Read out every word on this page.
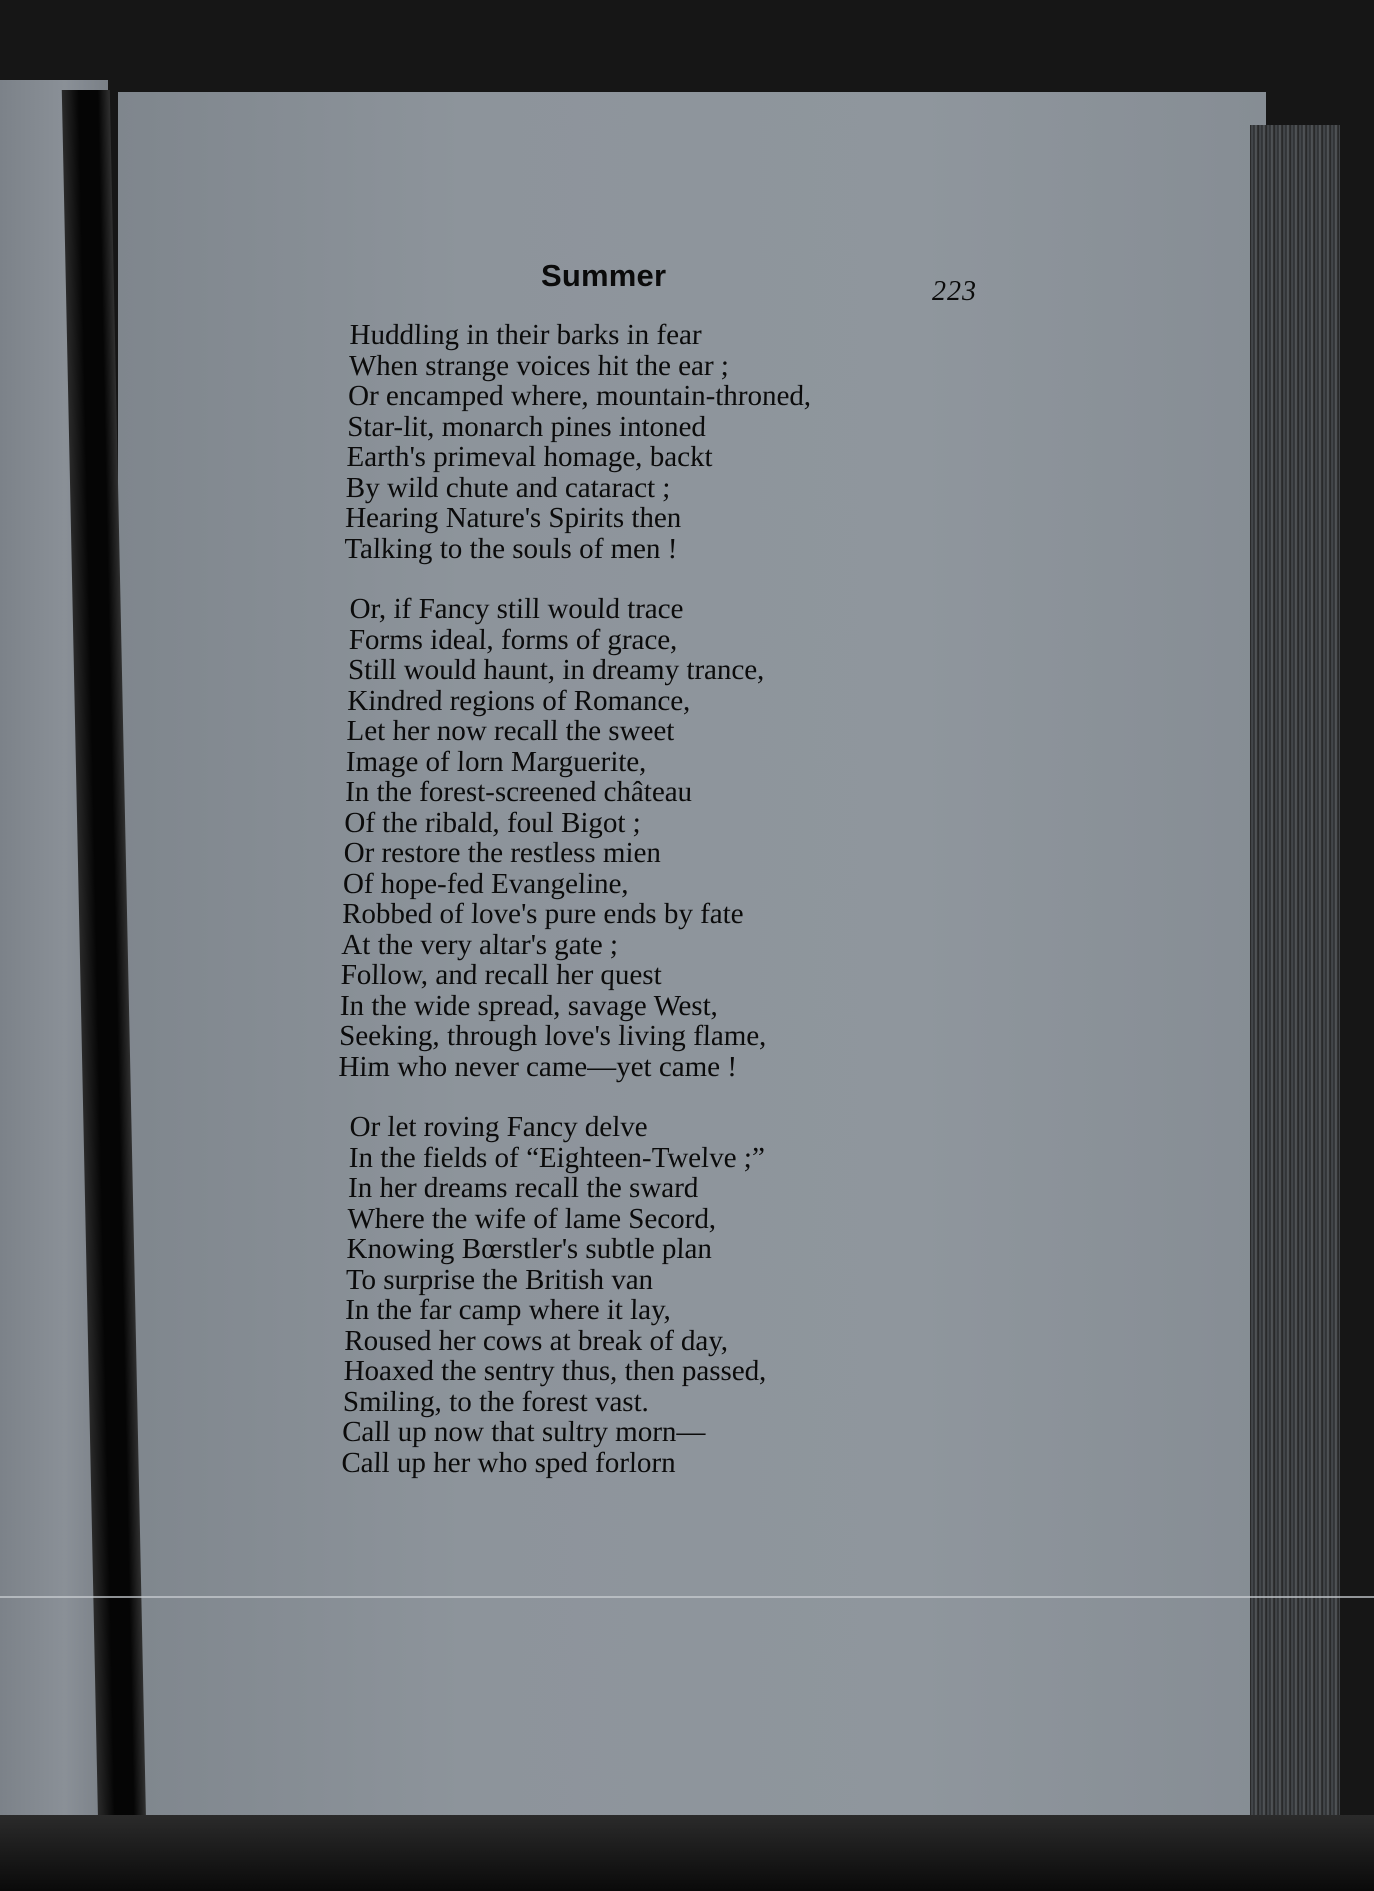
Summer	223

Huddling in their barks in fear
When strange voices hit the ear ;
Or encamped where, mountain-throned,
Star-lit, monarch pines intoned
Earth's primeval homage, backt
By wild chute and cataract ;
Hearing Nature's Spirits then
Talking to the souls of men !

Or, if Fancy still would trace
Forms ideal, forms of grace,
Still would haunt, in dreamy trance,
Kindred regions of Romance,
Let her now recall the sweet
Image of lorn Marguerite,
In the forest-screened château
Of the ribald, foul Bigot ;
Or restore the restless mien
Of hope-fed Evangeline,
Robbed of love's pure ends by fate
At the very altar's gate ;
Follow, and recall her quest
In the wide spread, savage West,
Seeking, through love's living flame,
Him who never came—yet came !

Or let roving Fancy delve
In the fields of “Eighteen-Twelve ;”
In her dreams recall the sward
Where the wife of lame Secord,
Knowing Bœrstler's subtle plan
To surprise the British van
In the far camp where it lay,
Roused her cows at break of day,
Hoaxed the sentry thus, then passed,
Smiling, to the forest vast.
Call up now that sultry morn—
Call up her who sped forlorn
